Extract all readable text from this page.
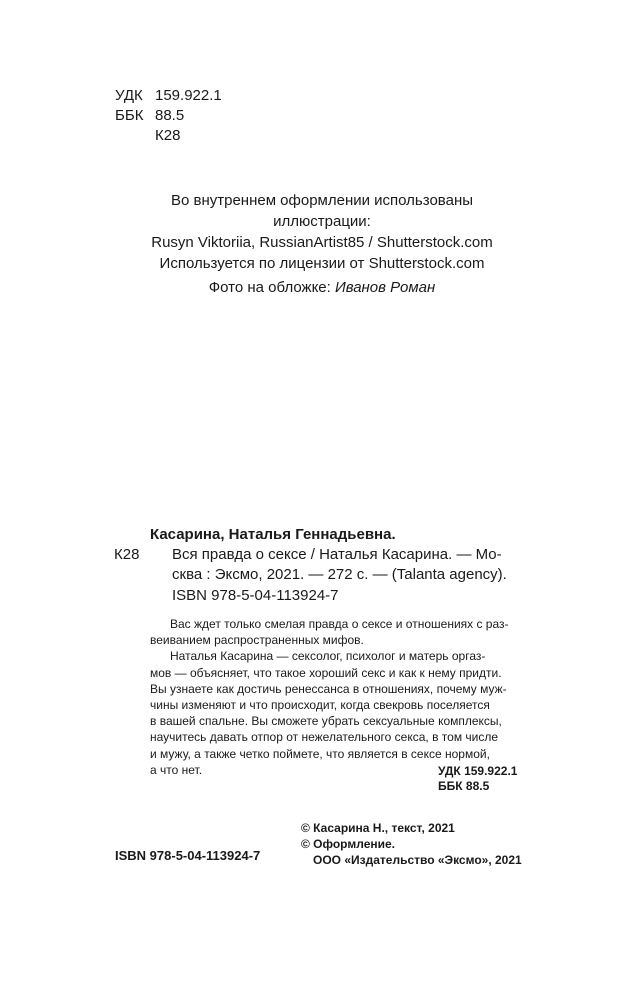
УДК 159.922.1
ББК 88.5
К28
Во внутреннем оформлении использованы
иллюстрации:
Rusyn Viktoriia, RussianArtist85 / Shutterstock.com
Используется по лицензии от Shutterstock.com
Фото на обложке: Иванов Роман
Касарина, Наталья Геннадьевна.
К28 Вся правда о сексе / Наталья Касарина. — Мо-
сква : Эксмо, 2021. — 272 с. — (Talanta agency).
ISBN 978-5-04-113924-7
Вас ждет только смелая правда о сексе и отношениях с раз-
веиванием распространенных мифов.
Наталья Касарина — сексолог, психолог и матерь оргаз-
мов — объясняет, что такое хороший секс и как к нему придти.
Вы узнаете как достичь ренессанса в отношениях, почему муж-
чины изменяют и что происходит, когда свекровь поселяется
в вашей спальне. Вы сможете убрать сексуальные комплексы,
научитесь давать отпор от нежелательного секса, в том числе
и мужу, а также четко поймете, что является в сексе нормой,
а что нет.	УДК 159.922.1
ББК 88.5
© Касарина Н., текст, 2021
© Оформление.
ООО «Издательство «Эксмо», 2021
ISBN 978-5-04-113924-7
